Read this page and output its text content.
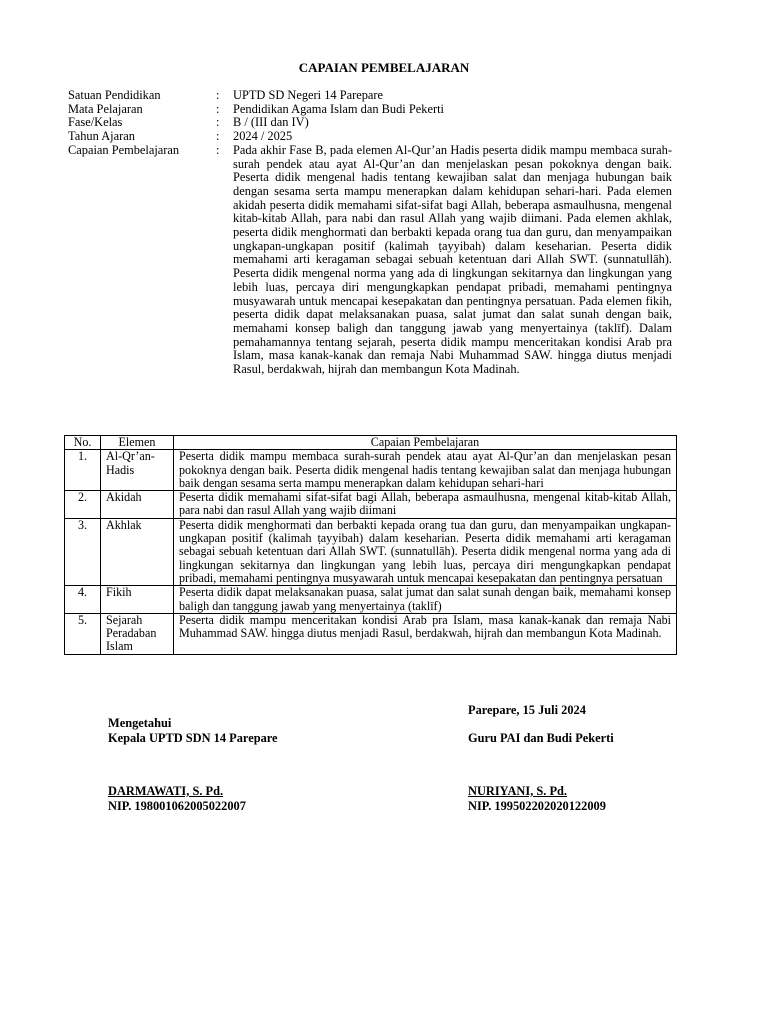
CAPAIAN PEMBELAJARAN
Satuan Pendidikan	:	UPTD SD Negeri 14 Parepare
Mata Pelajaran	:	Pendidikan Agama Islam dan Budi Pekerti
Fase/Kelas	:	B / (III dan IV)
Tahun Ajaran	:	2024 / 2025
Capaian Pembelajaran	:	Pada akhir Fase B, pada elemen Al-Qur’an Hadis peserta didik mampu membaca surah-surah pendek atau ayat Al-Qur’an dan menjelaskan pesan pokoknya dengan baik. Peserta didik mengenal hadis tentang kewajiban salat dan menjaga hubungan baik dengan sesama serta mampu menerapkan dalam kehidupan sehari-hari. Pada elemen akidah peserta didik memahami sifat-sifat bagi Allah, beberapa asmaulhusna, mengenal kitab-kitab Allah, para nabi dan rasul Allah yang wajib diimani. Pada elemen akhlak, peserta didik menghormati dan berbakti kepada orang tua dan guru, dan menyampaikan ungkapan-ungkapan positif (kalimah ṭayyibah) dalam keseharian. Peserta didik memahami arti keragaman sebagai sebuah ketentuan dari Allah SWT. (sunnatullāh). Peserta didik mengenal norma yang ada di lingkungan sekitarnya dan lingkungan yang lebih luas, percaya diri mengungkapkan pendapat pribadi, memahami pentingnya musyawarah untuk mencapai kesepakatan dan pentingnya persatuan. Pada elemen fikih, peserta didik dapat melaksanakan puasa, salat jumat dan salat sunah dengan baik, memahami konsep baligh dan tanggung jawab yang menyertainya (taklīf). Dalam pemahamannya tentang sejarah, peserta didik mampu menceritakan kondisi Arab pra Islam, masa kanak-kanak dan remaja Nabi Muhammad SAW. hingga diutus menjadi Rasul, berdakwah, hijrah dan membangun Kota Madinah.
No.	Elemen	Capaian Pembelajaran
1.	Al-Qr’an-Hadis	Peserta didik mampu membaca surah-surah pendek atau ayat Al-Qur’an dan menjelaskan pesan pokoknya dengan baik. Peserta didik mengenal hadis tentang kewajiban salat dan menjaga hubungan baik dengan sesama serta mampu menerapkan dalam kehidupan sehari-hari
2.	Akidah	Peserta didik memahami sifat-sifat bagi Allah, beberapa asmaulhusna, mengenal kitab-kitab Allah, para nabi dan rasul Allah yang wajib diimani
3.	Akhlak	Peserta didik menghormati dan berbakti kepada orang tua dan guru, dan menyampaikan ungkapan-ungkapan positif (kalimah ṭayyibah) dalam keseharian. Peserta didik memahami arti keragaman sebagai sebuah ketentuan dari Allah SWT. (sunnatullāh). Peserta didik mengenal norma yang ada di lingkungan sekitarnya dan lingkungan yang lebih luas, percaya diri mengungkapkan pendapat pribadi, memahami pentingnya musyawarah untuk mencapai kesepakatan dan pentingnya persatuan
4.	Fikih	Peserta didik dapat melaksanakan puasa, salat jumat dan salat sunah dengan baik, memahami konsep baligh dan tanggung jawab yang menyertainya (taklīf)
5.	Sejarah Peradaban Islam	Peserta didik mampu menceritakan kondisi Arab pra Islam, masa kanak-kanak dan remaja Nabi Muhammad SAW. hingga diutus menjadi Rasul, berdakwah, hijrah dan membangun Kota Madinah.
Parepare, 15 Juli 2024
Mengetahui
Kepala UPTD SDN 14 Parepare	Guru PAI dan Budi Pekerti
DARMAWATI, S. Pd.
NIP. 198001062005022007
NURIYANI, S. Pd.
NIP. 199502202020122009
